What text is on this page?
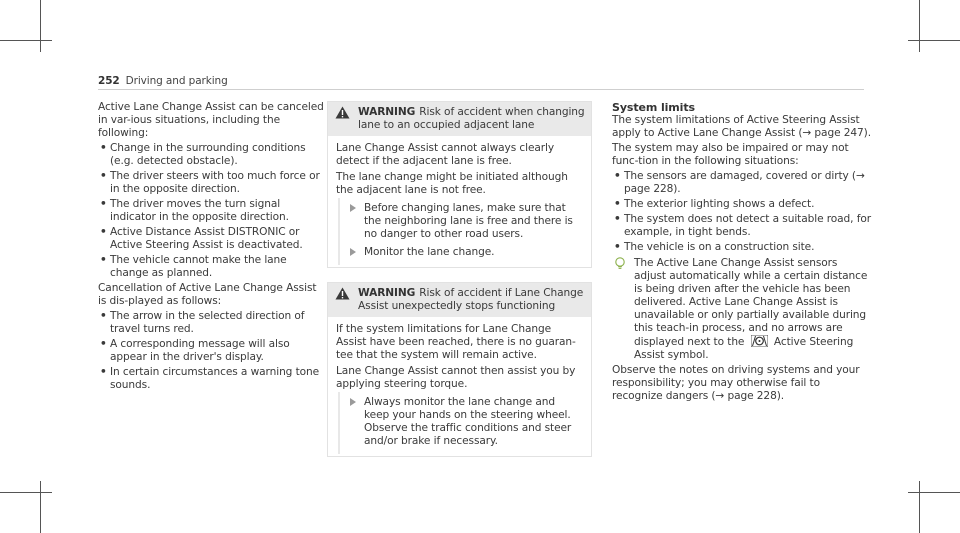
252 Driving and parking

Active Lane Change Assist can be canceled in var-ious situations, including the following:

• Change in the surrounding conditions (e.g. detected obstacle).
• The driver steers with too much force or in the opposite direction.
• The driver moves the turn signal indicator in the opposite direction.
• Active Distance Assist DISTRONIC or Active Steering Assist is deactivated.
• The vehicle cannot make the lane change as planned.

Cancellation of Active Lane Change Assist is dis-played as follows:

• The arrow in the selected direction of travel turns red.
• A corresponding message will also appear in the driver's display.
• In certain circumstances a warning tone sounds.
WARNING Risk of accident when changing lane to an occupied adjacent lane

Lane Change Assist cannot always clearly detect if the adjacent lane is free.

The lane change might be initiated although the adjacent lane is not free.

Before changing lanes, make sure that the neighboring lane is free and there is no danger to other road users.
Monitor the lane change.
WARNING Risk of accident if Lane Change Assist unexpectedly stops functioning

If the system limitations for Lane Change Assist have been reached, there is no guaran-tee that the system will remain active.

Lane Change Assist cannot then assist you by applying steering torque.

Always monitor the lane change and keep your hands on the steering wheel. Observe the traffic conditions and steer and/or brake if necessary.
System limits

The system limitations of Active Steering Assist apply to Active Lane Change Assist (→ page 247).

The system may also be impaired or may not func-tion in the following situations:

• The sensors are damaged, covered or dirty (→ page 228).
• The exterior lighting shows a defect.
• The system does not detect a suitable road, for example, in tight bends.
• The vehicle is on a construction site.
The Active Lane Change Assist sensors adjust automatically while a certain distance is being driven after the vehicle has been delivered. Active Lane Change Assist is unavailable or only partially available during this teach-in process, and no arrows are displayed next to the	Active Steering Assist symbol.

Observe the notes on driving systems and your responsibility; you may otherwise fail to recognize dangers (→ page 228).
